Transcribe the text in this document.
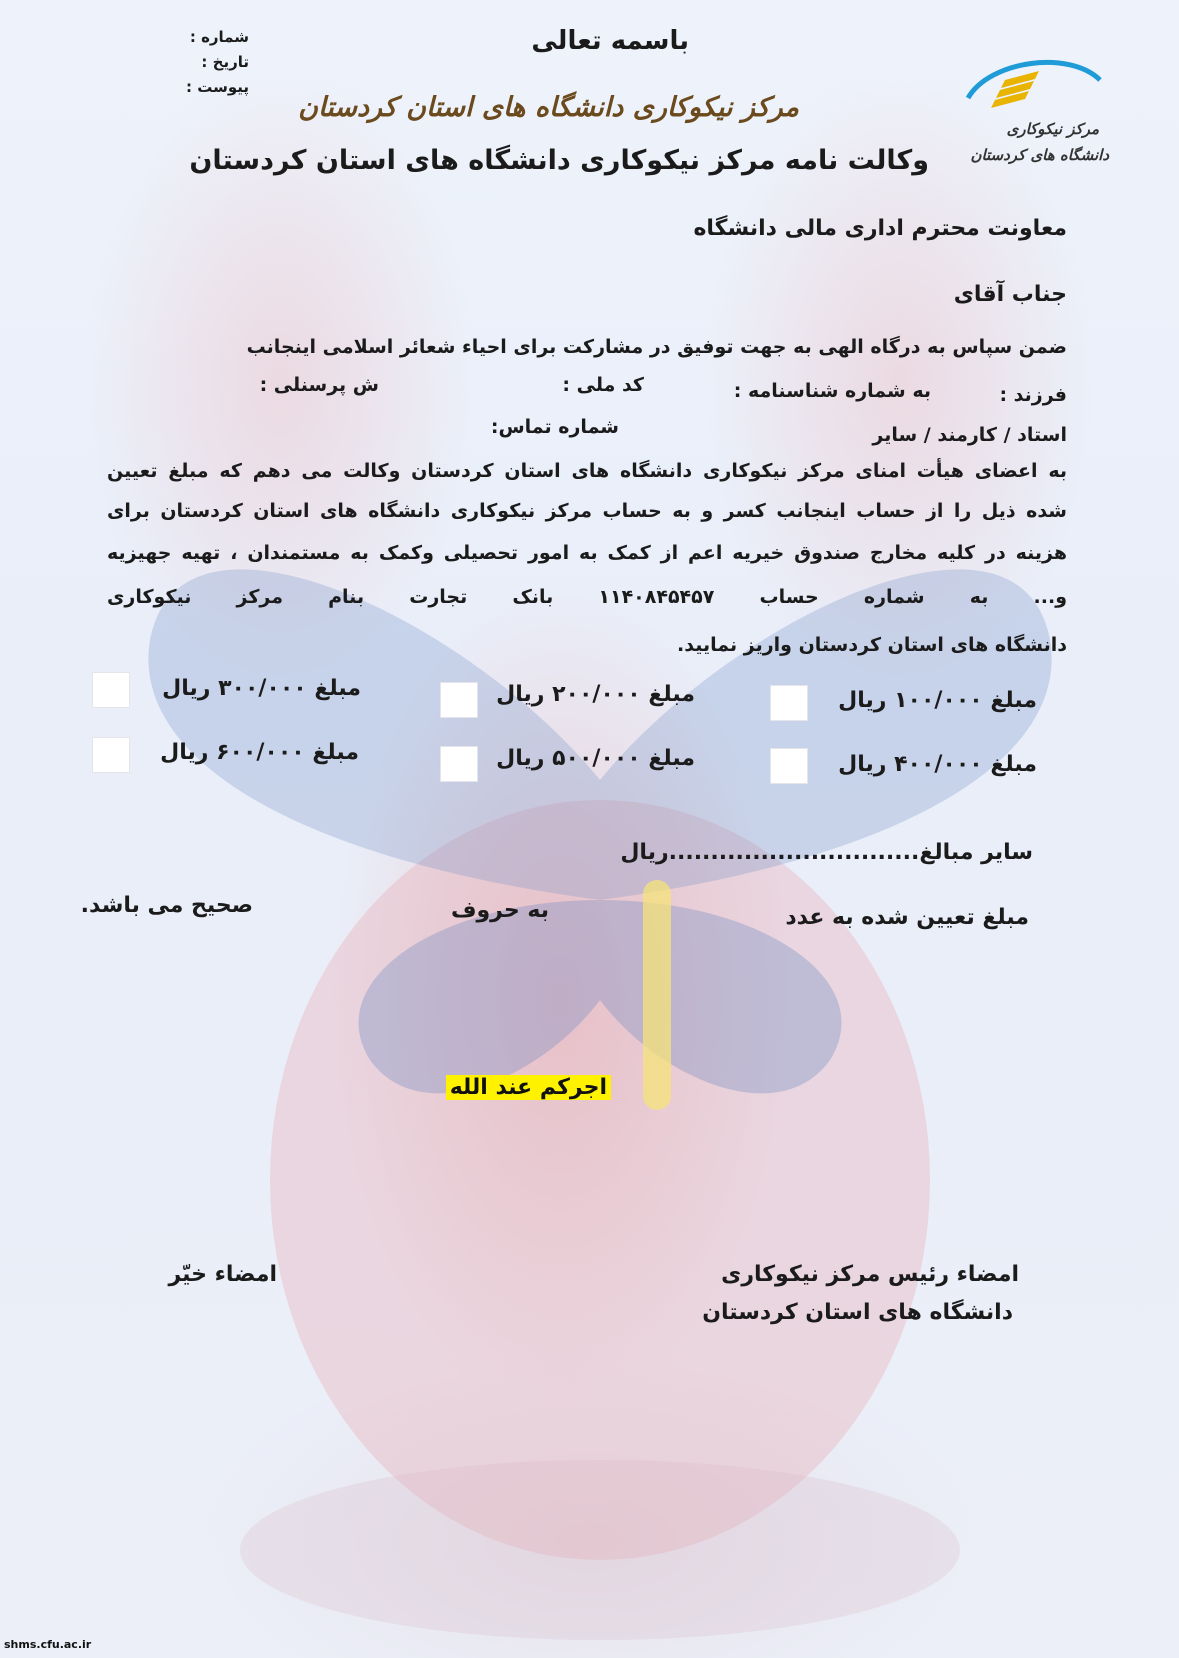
شماره :
تاریخ :
پیوست :
باسمه تعالی
مرکز نیکوکاری دانشگاه های استان کردستان
وکالت نامه مرکز نیکوکاری دانشگاه های استان کردستان
مرکز نیکوکاری
دانشگاه های کردستان
معاونت محترم اداری مالی دانشگاه
جناب آقای
ضمن سپاس به درگاه الهی به جهت توفیق در مشارکت برای احیاء شعائر اسلامی اینجانب
فرزند :
به شماره شناسنامه :
کد ملی :
ش پرسنلی :
استاد / کارمند / سایر
شماره تماس:
به اعضای هیأت امنای مرکز نیکوکاری دانشگاه های استان کردستان وکالت می دهم که مبلغ تعیین
شده ذیل را از حساب اینجانب کسر و به حساب مرکز نیکوکاری دانشگاه های استان کردستان برای
هزینه در کلیه مخارج صندوق خیریه اعم از کمک به امور تحصیلی وکمک به مستمندان ، تهیه جهیزیه
و... به شماره حساب ۱۱۴۰۸۴۵۴۵۷ بانک تجارت بنام مرکز نیکوکاری
دانشگاه های استان کردستان واریز نمایید.
مبلغ ۱۰۰/۰۰۰ ریال
مبلغ ۲۰۰/۰۰۰ ریال
مبلغ ۳۰۰/۰۰۰ ریال
مبلغ ۴۰۰/۰۰۰ ریال
مبلغ ۵۰۰/۰۰۰ ریال
مبلغ ۶۰۰/۰۰۰ ریال
سایر مبالغ..............................ریال
مبلغ تعیین شده به عدد
به حروف
صحیح می باشد.
اجرکم عند الله
امضاء رئیس مرکز نیکوکاری
دانشگاه های استان کردستان
امضاء خیّر
shms.cfu.ac.ir
